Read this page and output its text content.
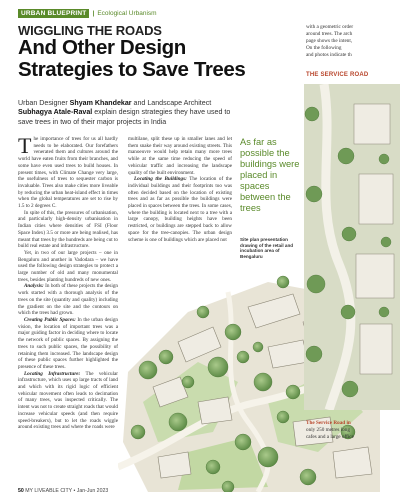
URBAN BLUEPRINT | Ecological Urbanism
WIGGLING THE ROADS
And Other Design Strategies to Save Trees
Urban Designer Shyam Khandekar and Landscape Architect Subhagya Atale-Raval explain design strategies they have used to save trees in two of their major projects in India

The importance of trees for us all hardly needs to be elaborated. Our forefathers venerated them and cultures around the world have eaten fruits from their branches, and some have even used trees to build houses. In present times, with Climate Change very large, the usefulness of trees to sequester carbon is invaluable. Trees also make cities more liveable by reducing the urban heat-island effect in times when the global temperatures are set to rise by 1.5 to 2 degrees C.

In spite of this, the pressures of urbanisation, and particularly high-density urbanisation in Indian cities where densities of FSI (Floor Space Index) 3.5 or more are being realised, has meant that trees by the hundreds are being cut to build real estate and infrastructure.

Yet, in two of our large projects – one in Bengaluru and another in Vadodara – we have used the following design strategies to protect a large number of old and many monumental trees, besides planting hundreds of new ones.

Analysis: In both of these projects the design work started with a thorough analysis of the trees on the site (quantity and quality) including the gradient on the site and the contours on which the trees had grown.

Creating Public Spaces: In the urban design vision, the location of important trees was a major guiding factor in deciding where to locate the network of public spaces. By assigning the trees to such public spaces, the possibility of retaining them increased. The landscape design of these public spaces further highlighted the presence of these trees.

Locating Infrastructure: The vehicular infrastructure, which uses up large tracts of land and which with its rigid logic of efficient vehicular movement often leads to decimation of many trees, was inspected critically. The intent was not to create straight roads that would increase vehicular speeds (and then require speed-breakers), but to let the roads wiggle around existing trees and where the roads were

multilane, split these up in smaller lanes and let them snake their way around existing streets. This manoeuvre would help retain many more trees while at the same time reducing the speed of vehicular traffic and increasing the landscape quality of the built environment.

Locating the Buildings: The location of the individual buildings and their footprints too was often decided based on the location of existing trees and as far as possible the buildings were placed in spaces between the trees. In some cases, where the building is located next to a tree with a large canopy, building heights have been restricted, or buildings are stepped back to allow space for the tree-canopies. The urban design scheme is one of buildings which are placed not

As far as possible the buildings were placed in spaces between the trees
Site plan presentation drawing of the retail and incubation area of Bengaluru
with a geometric order
around trees. The arch
page shows the intent,
On the following
and photos indicate th
THE SERVICE ROAD
The Service Road in
only 250 metres long
cafes and a large office
50 MY LIVEABLE CITY • Jan-Jun 2023
